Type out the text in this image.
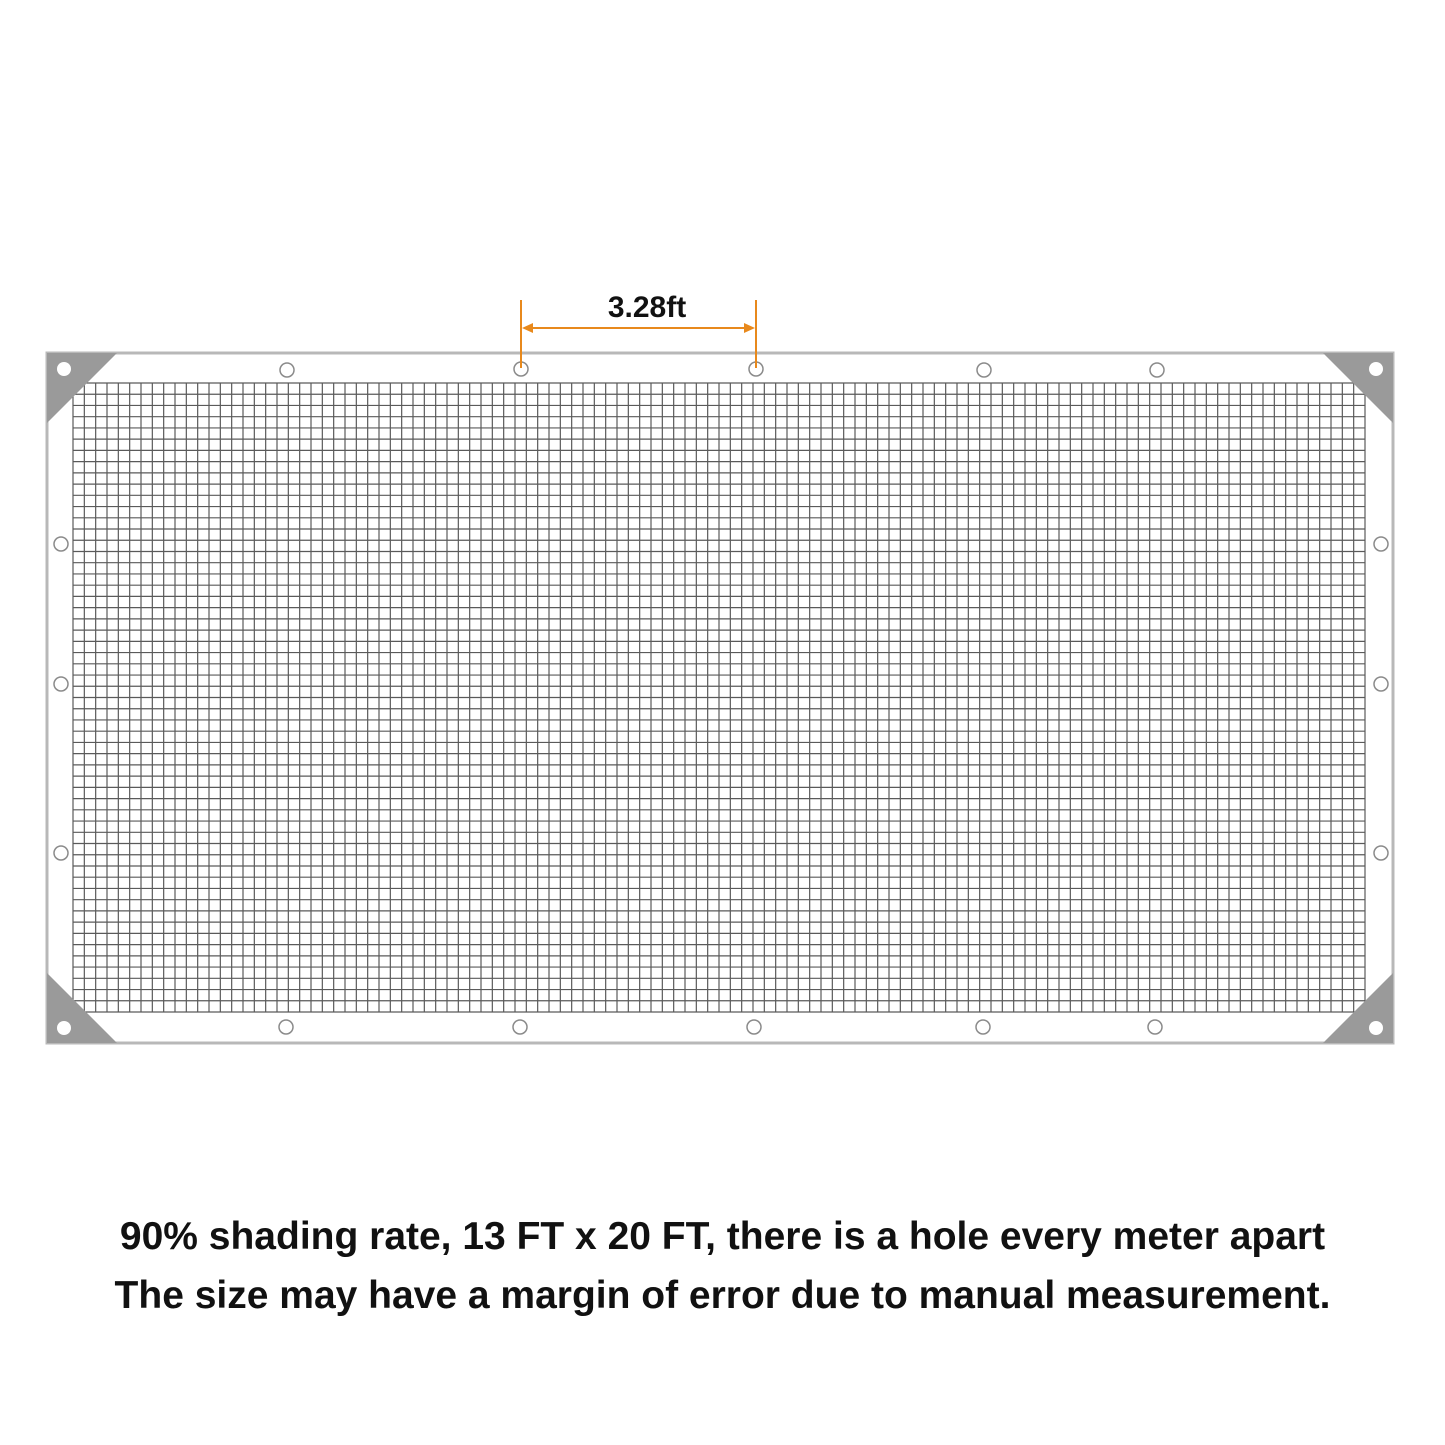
3.28ft
90% shading rate, 13 FT x 20 FT, there is a hole every meter apart
The size may have a margin of error due to manual measurement.
